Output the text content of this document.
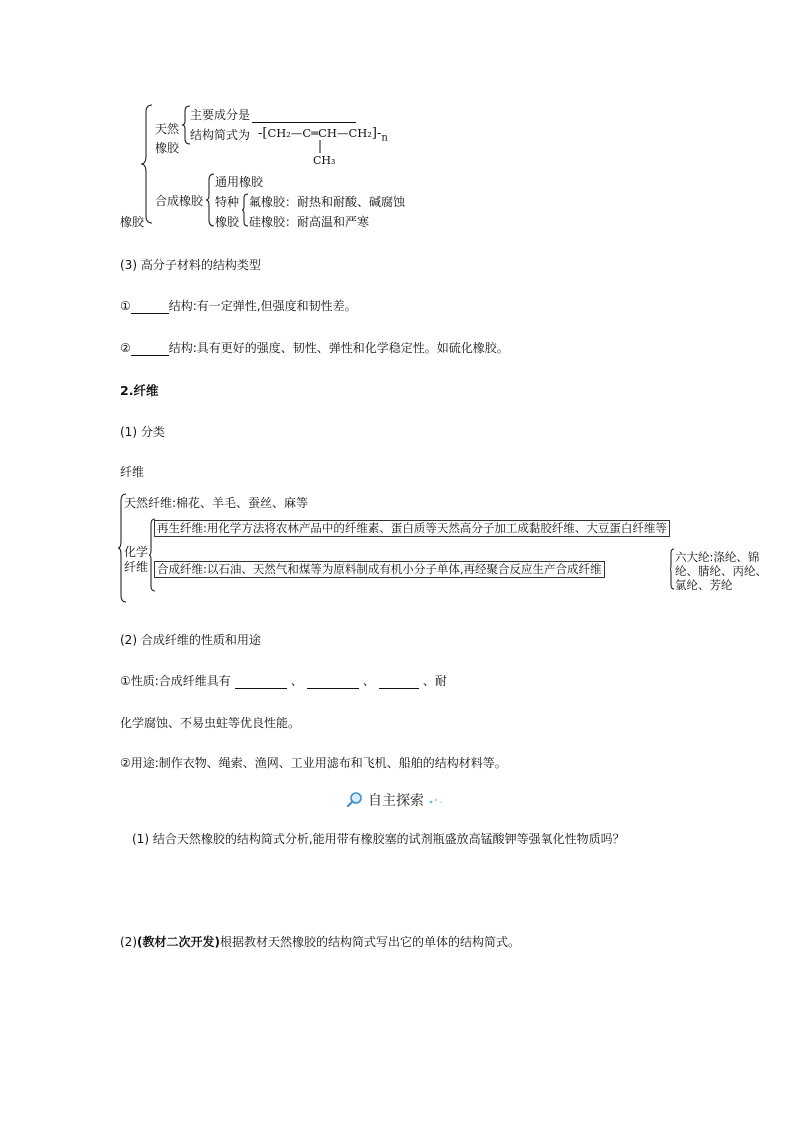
橡胶
天然
橡胶
主要成分是
结构简式为 $-[CH_2—C═CH—CH_2]-_n$
CH₃
合成橡胶
通用橡胶
特种
橡胶
氟橡胶：耐热和耐酸、碱腐蚀
硅橡胶：耐高温和严寒
(3) 高分子材料的结构类型
①	结构:有一定弹性,但强度和韧性差。
②	结构:具有更好的强度、韧性、弹性和化学稳定性。如硫化橡胶。
2.纤维
(1) 分类
纤维
天然纤维:棉花、羊毛、蚕丝、麻等
化学
纤维
再生纤维:用化学方法将农林产品中的纤维素、蛋白质等天然高分子加工成黏胶纤维、大豆蛋白纤维等
合成纤维:以石油、天然气和煤等为原料制成有机小分子单体,再经聚合反应生产合成纤维
六大纶:涤纶、锦
纶、腈纶、丙纶、
氯纶、芳纶
(2) 合成纤维的性质和用途
①性质:合成纤维具有	、	、	、耐
化学腐蚀、不易虫蛀等优良性能。
②用途:制作衣物、绳索、渔网、工业用滤布和飞机、船舶的结构材料等。
自主探索
(1) 结合天然橡胶的结构简式分析,能用带有橡胶塞的试剂瓶盛放高锰酸钾等强氧化性物质吗？
(2)(教材二次开发)根据教材天然橡胶的结构简式写出它的单体的结构简式。
